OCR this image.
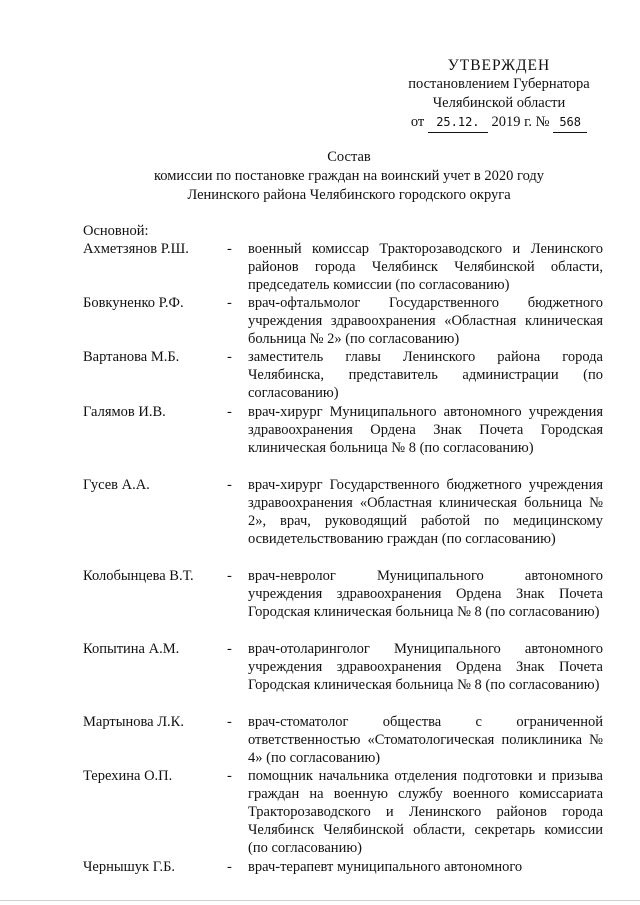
УТВЕРЖДЕН
постановлением Губернатора
Челябинской области
от 25.12. 2019 г. № 568
Состав
комиссии по постановке граждан на воинский учет в 2020 году
Ленинского района Челябинского городского округа
Основной:
Ахметзянов Р.Ш.	- военный комиссар Тракторозаводского и Ленинского районов города Челябинск Челябинской области, председатель комиссии (по согласованию)
Бовкуненко Р.Ф.	- врач-офтальмолог Государственного бюджетного учреждения здравоохранения «Областная клиническая больница № 2» (по согласованию)
Вартанова М.Б.	- заместитель главы Ленинского района города Челябинска, представитель администрации (по согласованию)
Галямов И.В.	- врач-хирург Муниципального автономного учреждения здравоохранения Ордена Знак Почета Городская клиническая больница № 8 (по согласованию)
Гусев А.А.	- врач-хирург Государственного бюджетного учреждения здравоохранения «Областная клиническая больница № 2», врач, руководящий работой по медицинскому освидетельствованию граждан (по согласованию)
Колобынцева В.Т.	- врач-невролог Муниципального автономного учреждения здравоохранения Ордена Знак Почета Городская клиническая больница № 8 (по согласованию)
Копытина А.М.	- врач-отоларинголог Муниципального автономного учреждения здравоохранения Ордена Знак Почета Городская клиническая больница № 8 (по согласованию)
Мартынова Л.К.	- врач-стоматолог общества с ограниченной ответственностью «Стоматологическая поликлиника № 4» (по согласованию)
Терехина О.П.	- помощник начальника отделения подготовки и призыва граждан на военную службу военного комиссариата Тракторозаводского и Ленинского районов города Челябинск Челябинской области, секретарь комиссии (по согласованию)
Чернышук Г.Б.	- врач-терапевт муниципального автономного
